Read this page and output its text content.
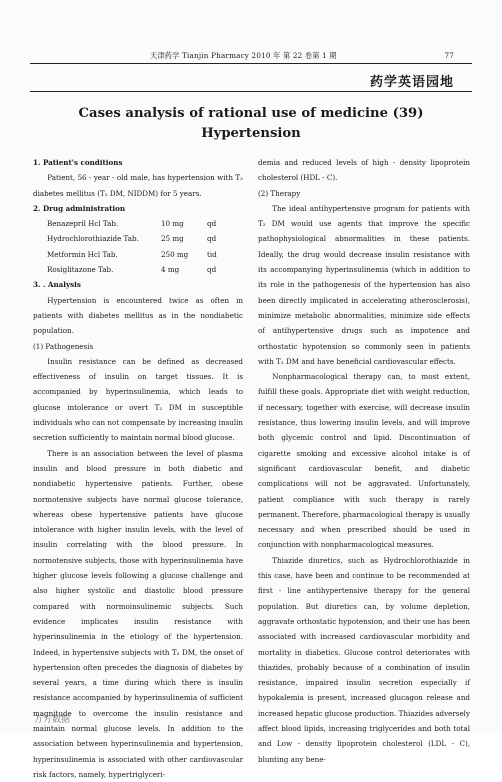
天津药学 Tianjin Pharmacy 2010 年 第 22 卷第 1 期	77
药学英语园地
Cases analysis of rational use of medicine (39)
Hypertension

1. Patient's conditions

Patient, 56 - year - old male, has hypertension with T₂ diabetes mellitus (T₂ DM, NIDDM) for 5 years.

2. Drug administration

Benazepril Hcl Tab.	10 mg	qd
Hydrochlorothiazide Tab.	25 mg	qd
Metformin Hcl Tab.	250 mg	tid
Rosiglitazone Tab.	4 mg	qd

3. . Analysis

Hypertension is encountered twice as often in patients with diabetes mellitus as in the nondiabetic population.

(1) Pathogenesis

Insulin resistance can be defined as decreased effectiveness of insulin on target tissues. It is accompanied by hyperinsulinemia, which leads to glucose intolerance or overt T₂ DM in susceptible individuals who can not compensate by increasing insulin secretion sufficiently to maintain normal blood glucose.

There is an association between the level of plasma insulin and blood pressure in both diabetic and nondiabetic hypertensive patients. Further, obese normotensive subjects have normal glucose tolerance, whereas obese hypertensive patients have glucose intolerance with higher insulin levels, with the level of insulin correlating with the blood pressure. In normotensive subjects, those with hyperinsulinemia have higher glucose levels following a glucose challenge and also higher systolic and diastolic blood pressure compared with normoinsulinemic subjects. Such evidence implicates insulin resistance with hyperinsulinemia in the etiology of the hypertension. Indeed, in hypertensive subjects with T₂ DM, the onset of hypertension often precedes the diagnosis of diabetes by several years, a time during which there is insulin resistance accompanied by hyperinsulinemia of sufficient magnitude to overcome the insulin resistance and maintain normal glucose levels. In addition to the association between hyperinsulinemia and hypertension, hyperinsulinemia is associated with other cardiovascular risk factors, namely, hypertriglyceri-

demia and reduced levels of high - density lipoprotein cholesterol (HDL - C).

(2) Therapy

The ideal antihypertensive program for patients with T₂ DM would use agents that improve the specific pathophysiological abnormalities in these patients. Ideally, the drug would decrease insulin resistance with its accompanying hyperinsulinemia (which in addition to its role in the pathogenesis of the hypertension has also been directly implicated in accelerating atherosclerosis), minimize metabolic abnormalities, minimize side effects of antihypertensive drugs such as impotence and orthostatic hypotension so commonly seen in patients with T₂ DM and have beneficial cardiovascular effects.

Nonpharmacological therapy can, to most extent, fulfill these goals. Appropriate diet with weight reduction, if necessary, together with exercise, will decrease insulin resistance, thus lowering insulin levels, and will improve both glycemic control and lipid. Discontinuation of cigarette smoking and excessive alcohol intake is of significant cardiovascular benefit, and diabetic complications will not be aggravated. Unfortunately, patient compliance with such therapy is rarely permanent. Therefore, pharmacological therapy is usually necessary and when prescribed should be used in conjunction with nonpharmacological measures.

Thiazide diuretics, such as Hydrochlorothiazide in this case, have been and continue to be recommended at first - line antihypertensive therapy for the general population. But diuretics can, by volume depletion, aggravate orthostatic hypotension, and their use has been associated with increased cardiovascular morbidity and mortality in diabetics. Glucose control deteriorates with thiazides, probably because of a combination of insulin resistance, impaired insulin secretion especially if hypokalemia is present, increased glucagon release and increased hepatic glucose production. Thiazides adversely affect blood lipids, increasing triglycerides and both total and Low - density lipoprotein cholesterol (LDL - C), blunting any bene-

万方数据
